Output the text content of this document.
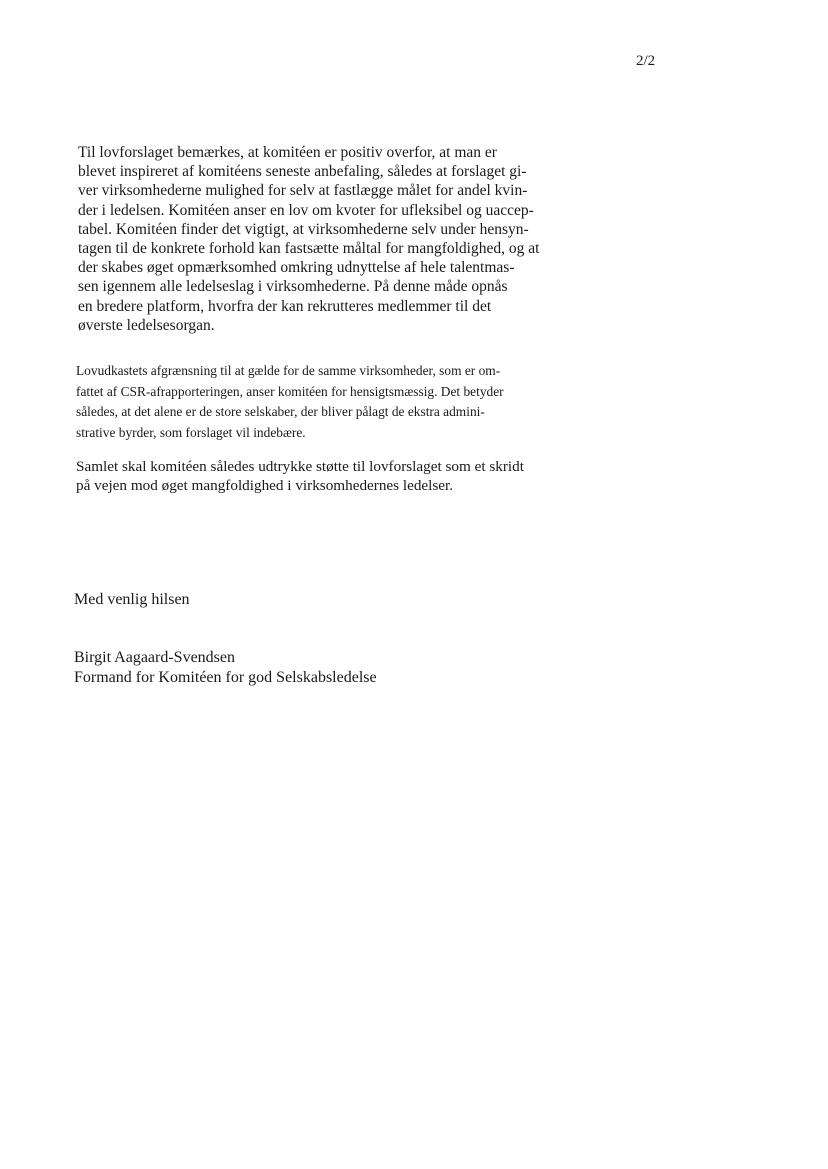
2/2

Til lovforslaget bemærkes, at komitéen er positiv overfor, at man er
blevet inspireret af komitéens seneste anbefaling, således at forslaget gi-
ver virksomhederne mulighed for selv at fastlægge målet for andel kvin-
der i ledelsen. Komitéen anser en lov om kvoter for ufleksibel og uaccep-
tabel. Komitéen finder det vigtigt, at virksomhederne selv under hensyn-
tagen til de konkrete forhold kan fastsætte måltal for mangfoldighed, og at
der skabes øget opmærksomhed omkring udnyttelse af hele talentmas-
sen igennem alle ledelseslag i virksomhederne. På denne måde opnås
en bredere platform, hvorfra der kan rekrutteres medlemmer til det
øverste ledelsesorgan.

Lovudkastets afgrænsning til at gælde for de samme virksomheder, som er om-
fattet af CSR-afrapporteringen, anser komitéen for hensigtsmæssig. Det betyder
således, at det alene er de store selskaber, der bliver pålagt de ekstra admini-
strative byrder, som forslaget vil indebære.

Samlet skal komitéen således udtrykke støtte til lovforslaget som et skridt
på vejen mod øget mangfoldighed i virksomhedernes ledelser.

Med venlig hilsen
Birgit Aagaard-Svendsen
Formand for Komitéen for god Selskabsledelse
